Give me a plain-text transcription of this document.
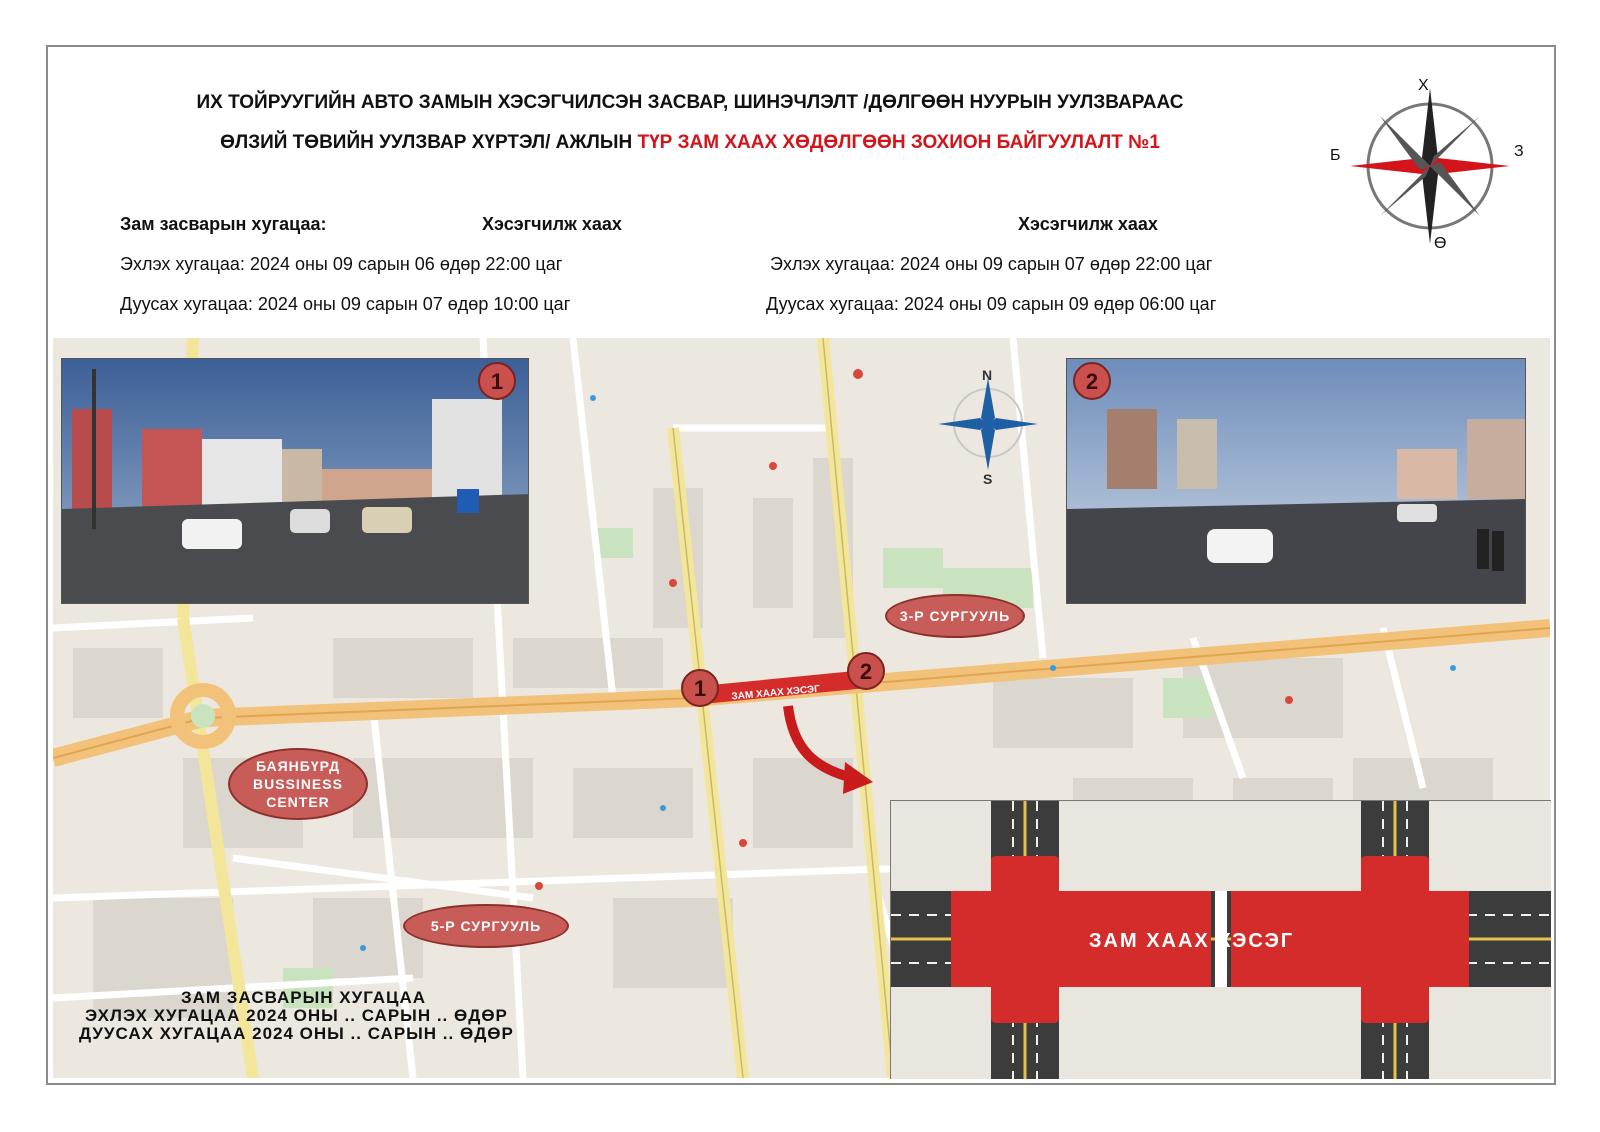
ИХ ТОЙРУУГИЙН АВТО ЗАМЫН ХЭСЭГЧИЛСЭН ЗАСВАР, ШИНЭЧЛЭЛТ /ДӨЛГӨӨН НУУРЫН УУЛЗВАРААС
ӨЛЗИЙ ТӨВИЙН УУЛЗВАР ХҮРТЭЛ/ АЖЛЫН ТҮР ЗАМ ХААХ ХӨДӨЛГӨӨН ЗОХИОН БАЙГУУЛАЛТ №1
Х
Ө
Б	З
Зам засварын хугацаа:	Хэсэгчилж хаах
Эхлэх хугацаа: 2024 оны 09 сарын 06 өдөр 22:00 цаг
Дуусах хугацаа: 2024 оны 09 сарын 07 өдөр 10:00 цаг
Хэсэгчилж хаах
Эхлэх хугацаа: 2024 оны 09 сарын 07 өдөр 22:00 цаг
Дуусах хугацаа: 2024 оны 09 сарын 09 өдөр 06:00 цаг
ЗАМ ХААХ ХЭСЭГ
N
S
1	2
1
2
3-Р СУРГУУЛЬ
5-Р СУРГУУЛЬ
БАЯНБҮРД BUSSINESS CENTER
ЗАМ ЗАСВАРЫН ХУГАЦАА
ЭХЛЭХ ХУГАЦАА 2024 ОНЫ .. САРЫН .. ӨДӨР
ДУУСАХ ХУГАЦАА 2024 ОНЫ .. САРЫН .. ӨДӨР
ЗАМ ХААХ ХЭСЭГ
